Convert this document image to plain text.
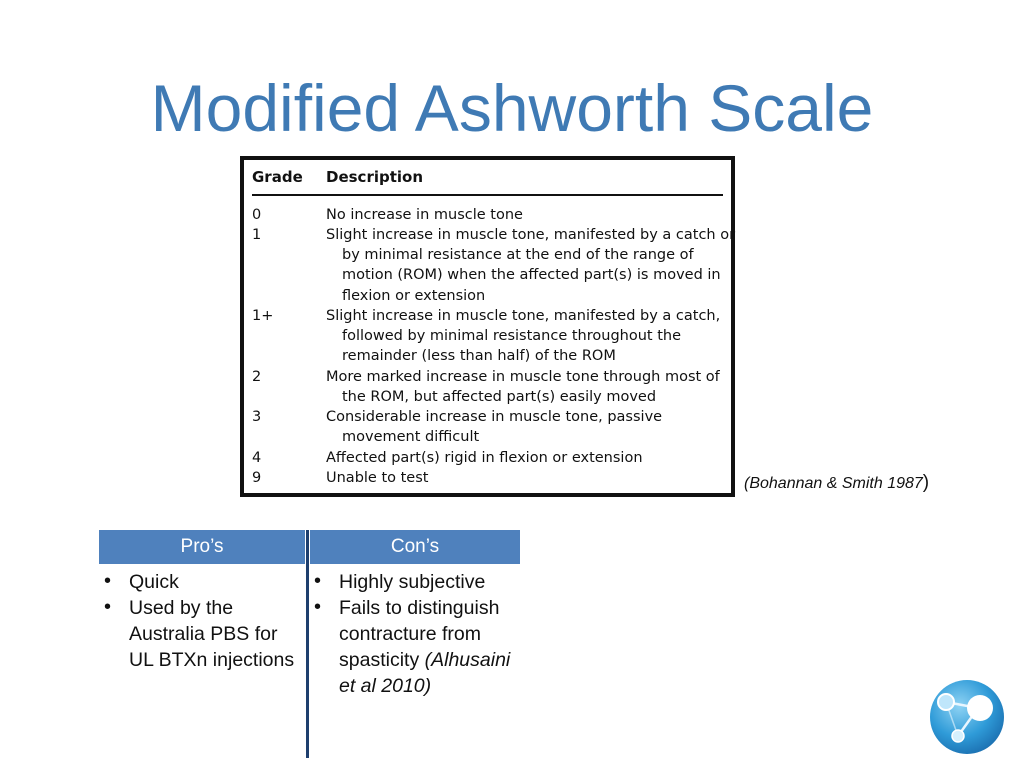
Modified Ashworth Scale
Grade Description
0	No increase in muscle tone
1	Slight increase in muscle tone, manifested by a catch or
by minimal resistance at the end of the range of
motion (ROM) when the affected part(s) is moved in
flexion or extension
1+	Slight increase in muscle tone, manifested by a catch,
followed by minimal resistance throughout the
remainder (less than half) of the ROM
2	More marked increase in muscle tone through most of
the ROM, but affected part(s) easily moved
3	Considerable increase in muscle tone, passive
movement difficult
4	Affected part(s) rigid in flexion or extension
9	Unable to test	(Bohannan & Smith 1987)
Pro’s	Con’s
• Quick
• Used by the Australia PBS for UL BTXn injections
• Highly subjective
• Fails to distinguish contracture from spasticity (Alhusaini et al 2010)
